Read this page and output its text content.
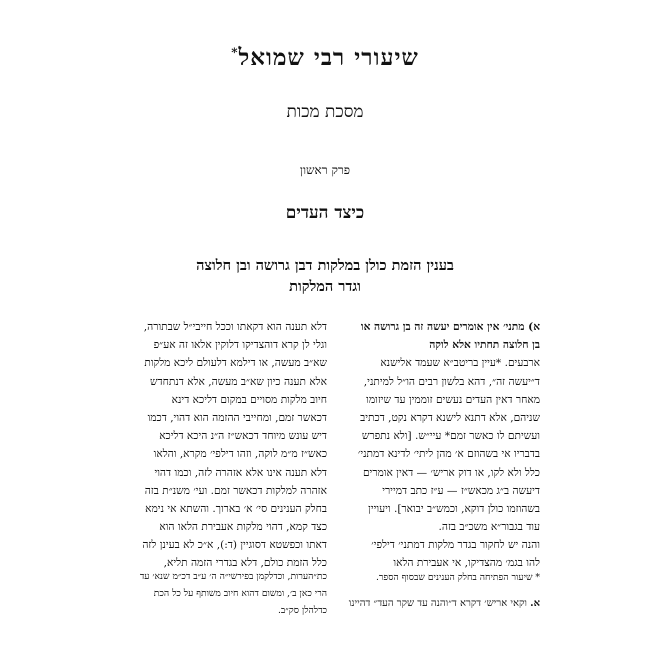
שיעורי רבי שמואל*
מסכת מכות
פרק ראשון
כיצד העדים
בענין הזמת כולן במלקות דבן גרושה ובן חלוצה
וגדר המלקות
א) מתני׳ אין אומרים יעשה זה בן גרושה או
בן חלוצה תחתיו אלא לוקה
ארבעים. *עיין בריטב״א שעמד אלישנא
ד״יעשה זה״, דהא בלשון רבים הו״ל למיתני,
מאחר דאין העדים נעשים זוממין עד שיזומו
שניהם, אלא דתנא לישנא דקרא נקט, דכתיב
ועשיתם לו כאשר זמם* עיי״ש. [ולא נתפרש
בדבריו אי בשהוזם א׳ מהן ליתי׳ לדינא דמתני׳
כלל ולא לקו, או דוק אריש׳ — דאין אומרים
דיעשה ב״ג מכאש״ז — ע״ז כתב דמיירי
בשהוזמו כולן דוקא, וכמש״ב יבואר]. ויעויין
עוד בגבור״א משכ״ב בזה.
והנה יש לחקור בגדר מלקות דמתני׳ דילפי׳
להו בגמ׳ מהצדיקו, אי אעבירת הלאו
דלא תענה הוא דקאתו וככל חייבי״ל שבתורה,
וגלי לן קרא דוהצדיקו דלוקין אלאו זה אע״פ
שא״ב מעשה, או דילמא דלעולם ליכא מלקות
אלא תענה כיון שא״ב מעשה, אלא דנתחדש
חיוב מלקות מסויים במקום דליכא דינא
דכאשר זמם, ומחייבי ההזמה הוא דהוי, דכמו
דיש עונש מיוחד דכאש״ז ה״נ היכא דליכא
כאש״ז מ״מ לוקה, וזהו דילפי׳ מקרא, והלאו
דלא תענה אינו אלא אזהרה לזה, וכמו דהוי
אזהרה למלקות דכאשר זמם. ועי׳ משנ״ת בזה
בחלק הענינים סי׳ א׳ בארוך. והשתא אי נימא
כצד קמא, דהוי מלקות אעבירת הלאו הוא
דאתו וכפשטא דסוגיין (ד:), א״כ לא בעינן לזה
כלל הזמת כולם, דלא בגדרי הזמה תליא,
* שיעור הפתיחה בחלק הענינים שבסוף הספר.
א. וקאי אריש׳ דקרא ד״והנה עד שקר העד״ דהיינו
כת״הערות, וכדלקמן בפירשי״ה ה׳ ע״ב דכ״מ שנא׳ עד
הרי כאן ב׳, ומשום דהוא חיוב משותף על כל הכת
כדלהלן סק״ב.
